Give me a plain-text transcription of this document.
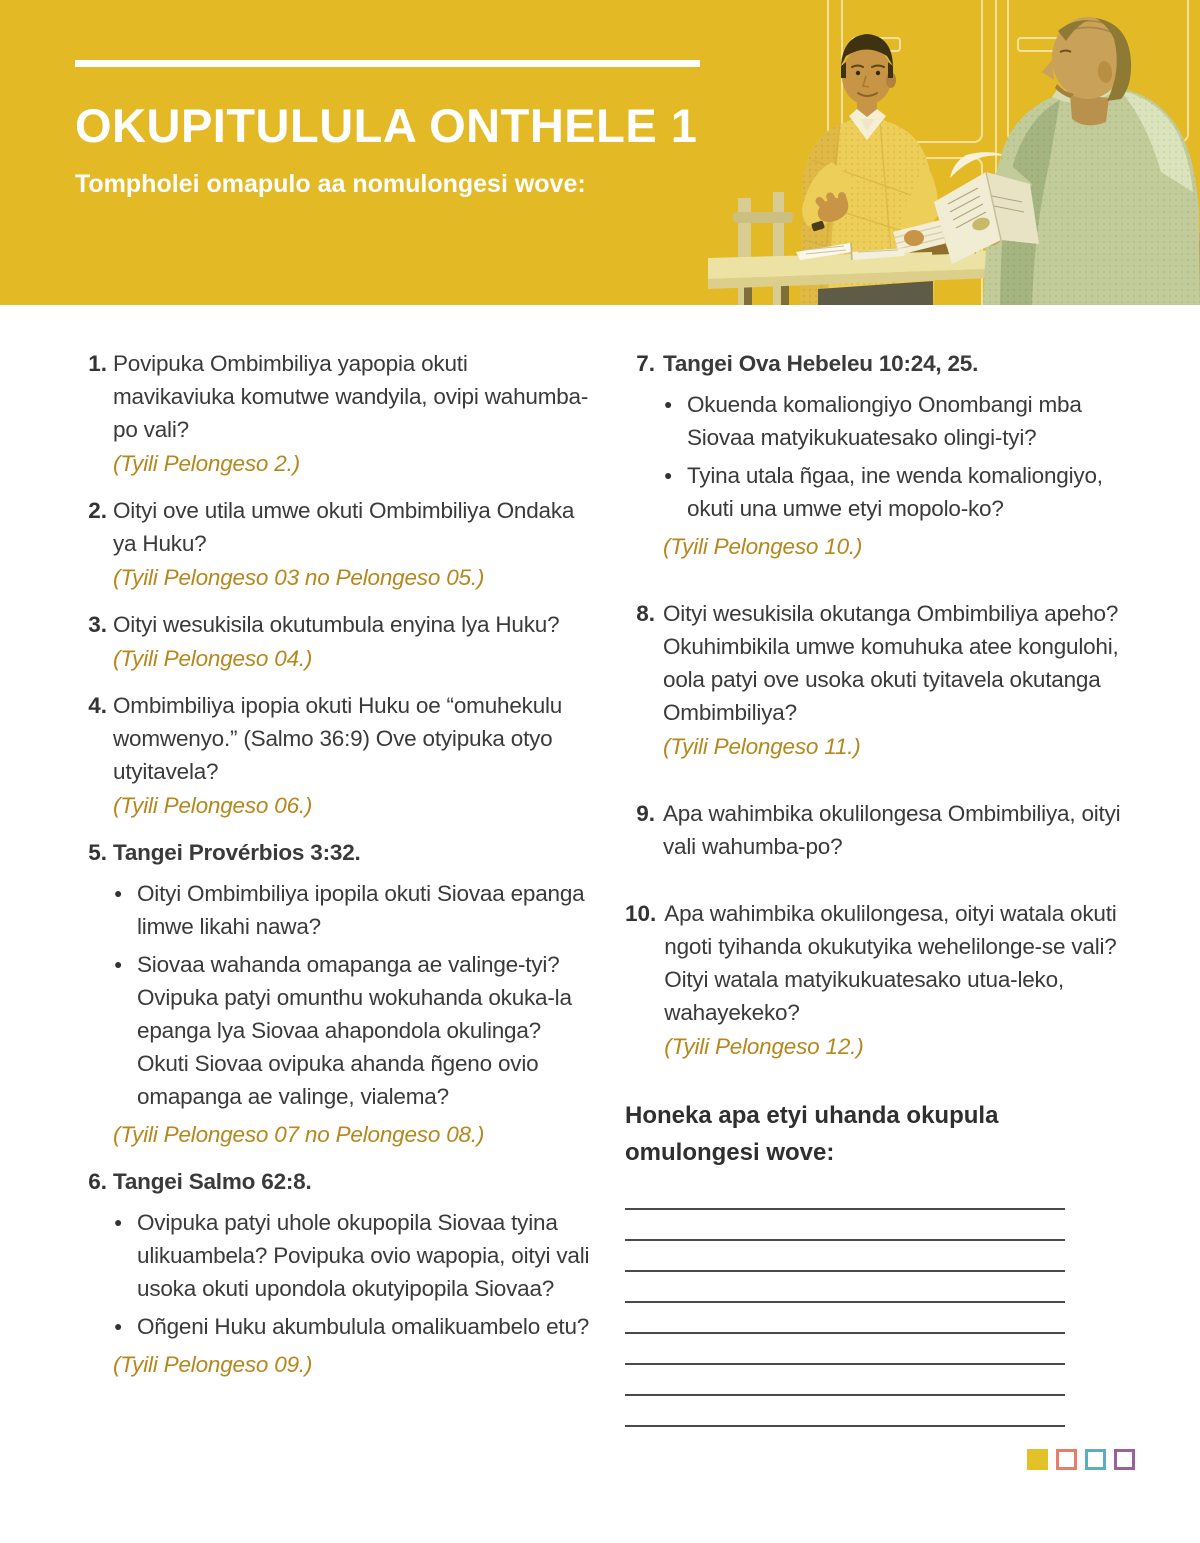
OKUPITULULA ONTHELE 1
Tompholei omapulo aa nomulongesi wove:
1. Povipuka Ombimbiliya yapopia okuti mavikaviuka komutwe wandyila, ovipi wahumba-po vali?

(Tyili Pelongeso 2.)

2. Oityi ove utila umwe okuti Ombimbiliya Ondaka ya Huku?

(Tyili Pelongeso 03 no Pelongeso 05.)

3. Oityi wesukisila okutumbula enyina lya Huku?

(Tyili Pelongeso 04.)

4. Ombimbiliya ipopia okuti Huku oe “omuhekulu womwenyo.” (Salmo 36:9) Ove otyipuka otyo utyitavela?

(Tyili Pelongeso 06.)

5. Tangei Provérbios 3:32.

● Oityi Ombimbiliya ipopila okuti Siovaa epanga limwe likahi nawa?
● Siovaa wahanda omapanga ae valinge-tyi? Ovipuka patyi omunthu wokuhanda okuka-la epanga lya Siovaa ahapondola okulinga? Okuti Siovaa ovipuka ahanda ñgeno ovio omapanga ae valinge, vialema?

(Tyili Pelongeso 07 no Pelongeso 08.)

6. Tangei Salmo 62:8.

● Ovipuka patyi uhole okupopila Siovaa tyina ulikuambela? Povipuka ovio wapopia, oityi vali usoka okuti upondola okutyipopila Siovaa?
● Oñgeni Huku akumbulula omalikuambelo etu?

(Tyili Pelongeso 09.)

7. Tangei Ova Hebeleu 10:24, 25.

● Okuenda komaliongiyo Onombangi mba Siovaa matyikukuatesako olingi-tyi?
● Tyina utala ñgaa, ine wenda komaliongiyo, okuti una umwe etyi mopolo-ko?

(Tyili Pelongeso 10.)

8. Oityi wesukisila okutanga Ombimbiliya apeho? Okuhimbikila umwe komuhuka atee kongulohi, oola patyi ove usoka okuti tyitavela okutanga Ombimbiliya?

(Tyili Pelongeso 11.)

9. Apa wahimbika okulilongesa Ombimbiliya, oityi vali wahumba-po?

10. Apa wahimbika okulilongesa, oityi watala okuti ngoti tyihanda okukutyika wehelilonge-se vali? Oityi watala matyikukuatesako utua-leko, wahayekeko?

(Tyili Pelongeso 12.)

Honeka apa etyi uhanda okupula omulongesi wove:
